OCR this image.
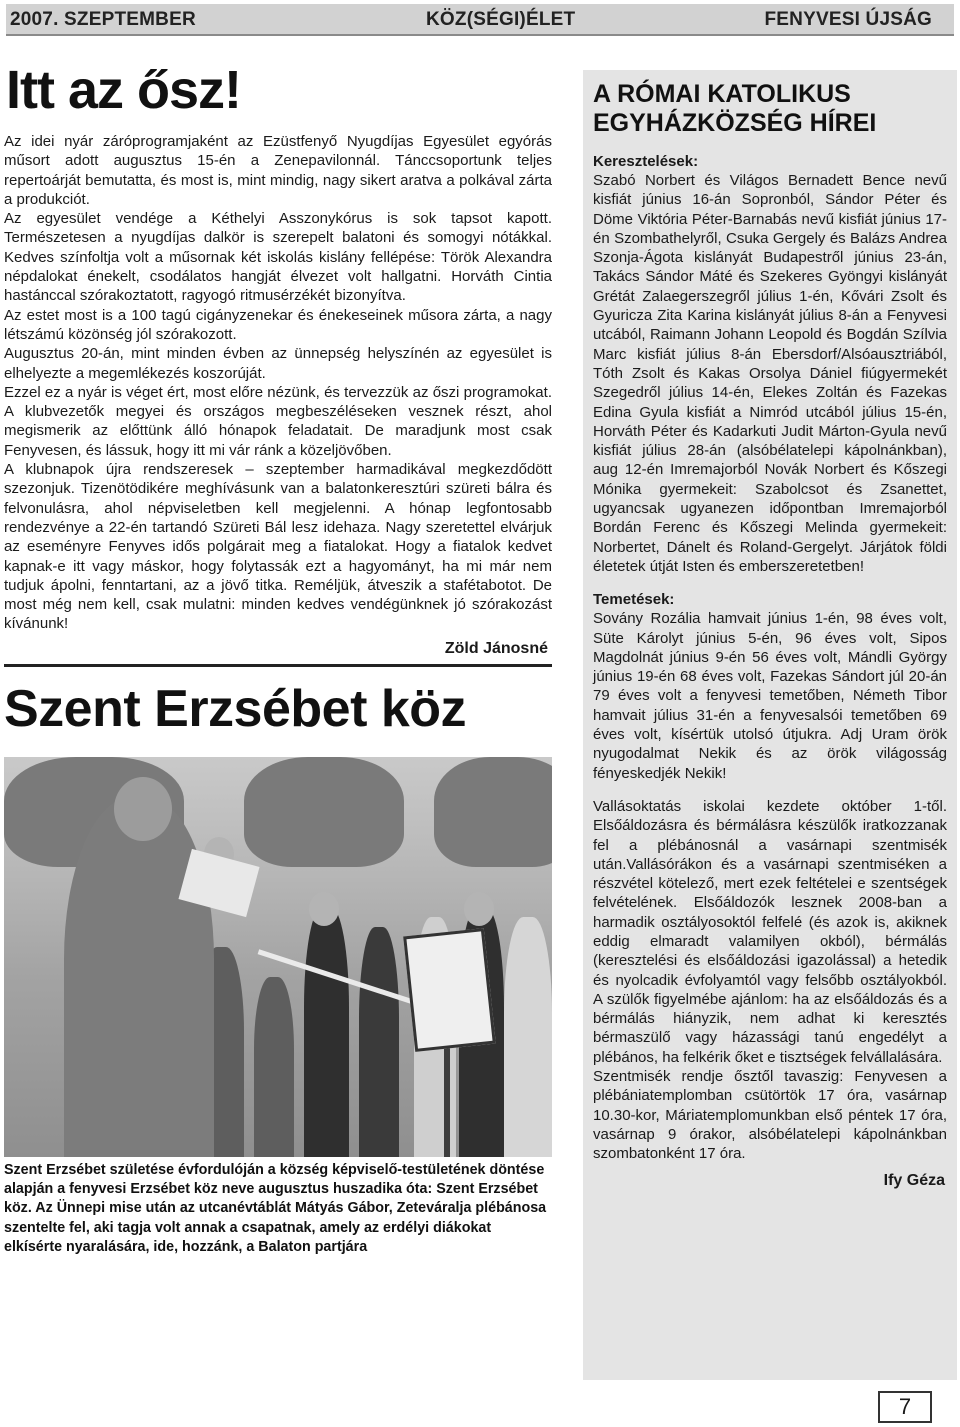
2007. SZEPTEMBER	KÖZ(SÉGI)ÉLET	FENYVESI ÚJSÁG
Itt az ősz!

Az idei nyár záróprogramjaként az Ezüstfenyő Nyugdíjas Egyesület egyórás műsort adott augusztus 15-én a Zenepavilonnál. Tánccsoportunk teljes repertoárját bemutatta, és most is, mint mindig, nagy sikert aratva a polkával zárta a produkciót.

Az egyesület vendége a Kéthelyi Asszonykórus is sok tapsot kapott. Természetesen a nyugdíjas dalkör is szerepelt balatoni és somogyi nótákkal. Kedves színfoltja volt a műsornak két iskolás kislány fellépése: Török Alexandra népdalokat énekelt, csodálatos hangját élvezet volt hallgatni. Horváth Cintia hastánccal szórakoztatott, ragyogó ritmusérzékét bizonyítva.

Az estet most is a 100 tagú cigányzenekar és énekeseinek műsora zárta, a nagy létszámú közönség jól szórakozott.

Augusztus 20-án, mint minden évben az ünnepség helyszínén az egyesület is elhelyezte a megemlékezés koszorúját.

Ezzel ez a nyár is véget ért, most előre nézünk, és tervezzük az őszi programokat. A klubvezetők megyei és országos megbeszéléseken vesznek részt, ahol megismerik az előttünk álló hónapok feladatait. De maradjunk most csak Fenyvesen, és lássuk, hogy itt mi vár ránk a közeljövőben.

A klubnapok újra rendszeresek – szeptember harmadikával megkezdődött szezonjuk. Tizenötödikére meghívásunk van a balatonkeresztúri szüreti bálra és felvonulásra, ahol népviseletben kell megjelenni. A hónap legfontosabb rendezvénye a 22-én tartandó Szüreti Bál lesz idehaza. Nagy szeretettel elvárjuk az eseményre Fenyves idős polgárait meg a fiatalokat. Hogy a fiatalok kedvet kapnak-e itt vagy máskor, hogy folytassák ezt a hagyományt, ha mi már nem tudjuk ápolni, fenntartani, az a jövő titka. Reméljük, átveszik a stafétabotot. De most még nem kell, csak mulatni: minden kedves vendégünknek jó szórakozást kívánunk!

Zöld Jánosné
Szent Erzsébet köz
Szent Erzsébet születése évfordulóján a község képviselő-testületének döntése alapján a fenyvesi Erzsébet köz neve augusztus huszadika óta: Szent Erzsébet köz. Az Ünnepi mise után az utcanévtáblát Mátyás Gábor, Zeteváralja plébánosa szentelte fel, aki tagja volt annak a csapatnak, amely az erdélyi diákokat elkísérte nyaralására, ide, hozzánk, a Balaton partjára
A RÓMAI KATOLIKUS EGYHÁZKÖZSÉG HÍREI
Keresztelések:
Szabó Norbert és Világos Bernadett Bence nevű kisfiát június 16-án Sopronból, Sándor Péter és Döme Viktória Péter-Barnabás nevű kisfiát június 17-én Szombathelyről, Csuka Gergely és Balázs Andrea Szonja-Ágota kislányát Budapestről június 23-án, Takács Sándor Máté és Szekeres Gyöngyi kislányát Grétát Zalaegerszegről július 1-én, Kővári Zsolt és Gyuricza Zita Karina kislányát július 8-án a Fenyvesi utcából, Raimann Johann Leopold és Bogdán Szílvia Marc kisfiát július 8-án Ebersdorf/Alsóausztriából, Tóth Zsolt és Kakas Orsolya Dániel fiúgyermekét Szegedről július 14-én, Elekes Zoltán és Fazekas Edina Gyula kisfiát a Nimród utcából július 15-én, Horváth Péter és Kadarkuti Judit Márton-Gyula nevű kisfiát július 28-án (alsóbélatelepi kápolnánkban), aug 12-én Imremajorból Novák Norbert és Kőszegi Mónika gyermekeit: Szabolcsot és Zsanettet, ugyancsak ugyanezen időpontban Imremajorból Bordán Ferenc és Kőszegi Melinda gyermekeit: Norbertet, Dánelt és Roland-Gergelyt. Járjátok földi életetek útját Isten és emberszeretetben!
Temetések:
Sovány Rozália hamvait június 1-én, 98 éves volt, Süte Károlyt június 5-én, 96 éves volt, Sipos Magdolnát június 9-én 56 éves volt, Mándli György június 19-én 68 éves volt, Fazekas Sándort júl 20-án 79 éves volt a fenyvesi temetőben, Németh Tibor hamvait július 31-én a fenyvesalsói temetőben 69 éves volt, kísértük utolsó útjukra. Adj Uram örök nyugodalmat Nekik és az örök világosság fényeskedjék Nekik!
Vallásoktatás iskolai kezdete október 1-től. Elsőáldozásra és bérmálásra készülők iratkozzanak fel a plébánosnál a vasárnapi szentmisék után.Vallásórákon és a vasárnapi szentmiséken a részvétel kötelező, mert ezek feltételei e szentségek felvételének. Elsőáldozók lesznek 2008-ban a harmadik osztályosoktól felfelé (és azok is, akiknek eddig elmaradt valamilyen okból), bérmálás (keresztelési és elsőáldozási igazolással) a hetedik és nyolcadik évfolyamtól vagy felsőbb osztályokból. A szülők figyelmébe ajánlom: ha az elsőáldozás és a bérmálás hiányzik, nem adhat ki keresztés bérmaszülő vagy házassági tanú engedélyt a plébános, ha felkérik őket e tisztségek felvállalására.
Szentmisék rendje ősztől tavaszig: Fenyvesen a plébániatemplomban csütörtök 17 óra, vasárnap 10.30-kor, Máriatemplomunkban első péntek 17 óra, vasárnap 9 órakor, alsóbélatelepi kápolnánkban szombatonként 17 óra.
Ify Géza
7
